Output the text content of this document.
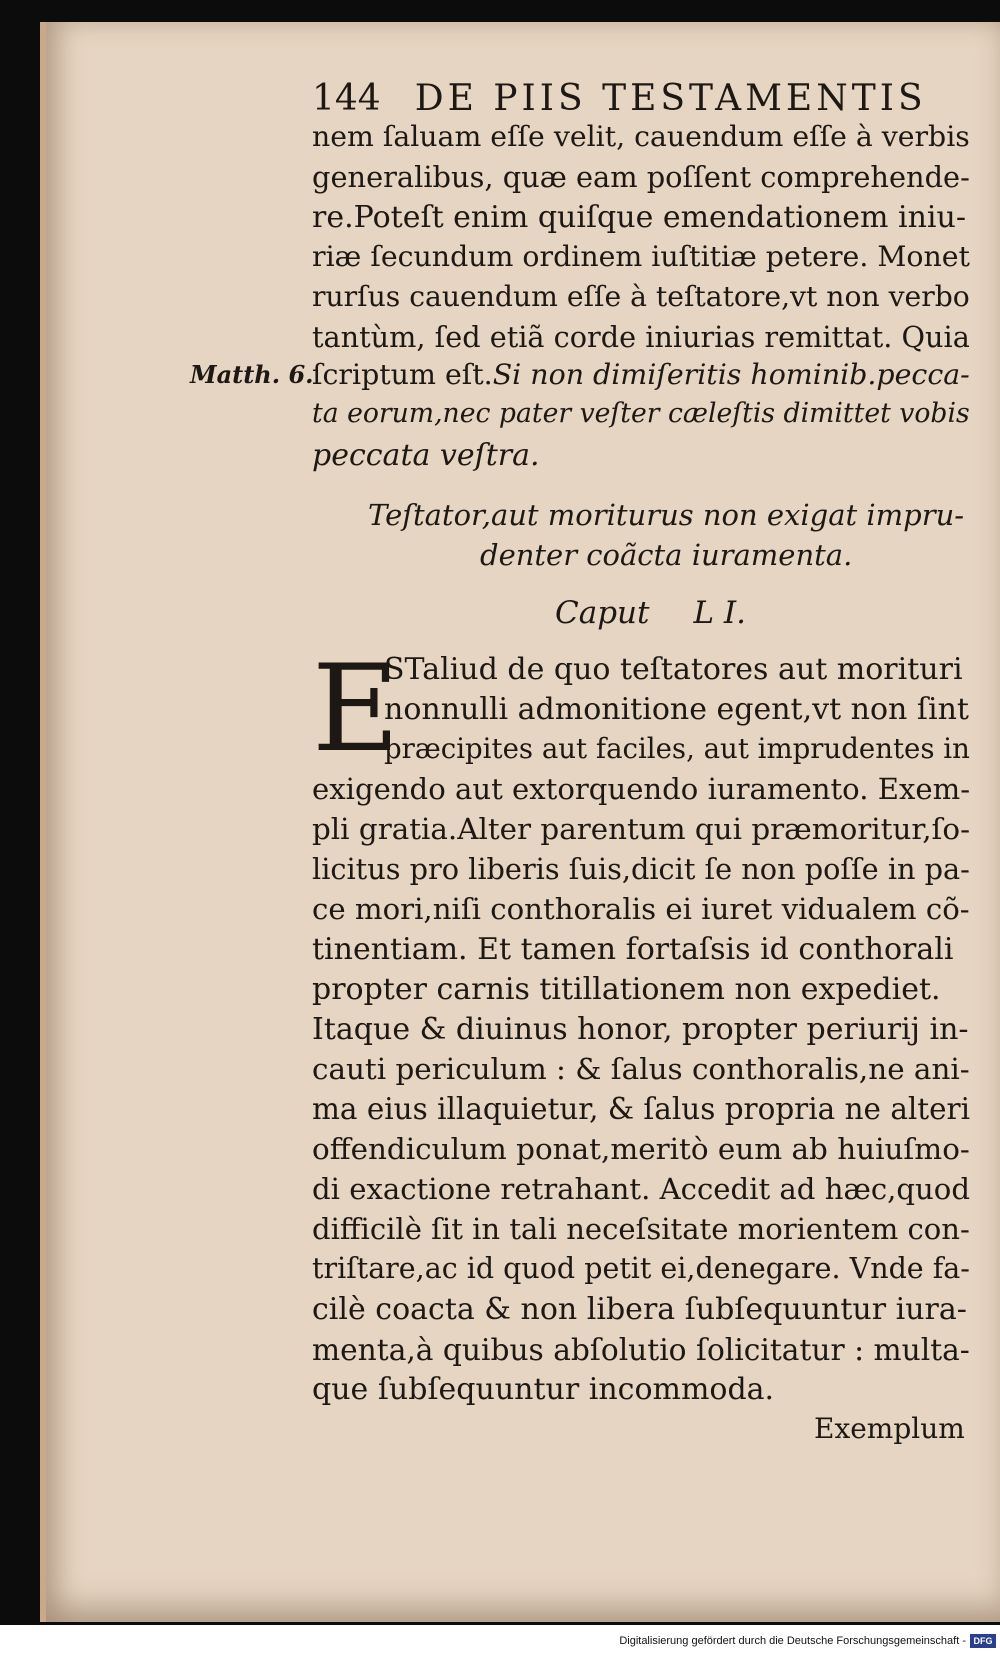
144 DE PIIS TESTAMENTIS
nem ſaluam eſſe velit, cauendum eſſe à verbis
generalibus, quæ eam poſſent comprehende-
re.Poteſt enim quiſque emendationem iniu-
riæ ſecundum ordinem iuſtitiæ petere. Monet
rurſus cauendum eſſe à teſtatore,vt non verbo
tantùm, ſed etiã corde iniurias remittat. Quia
Matth. 6.
ſcriptum eſt.Si non dimiſeritis hominib.pecca-
ta eorum,nec pater veſter cæleſtis dimittet vobis
peccata veſtra.
Teſtator,aut moriturus non exigat impru-
denter coãcta iuramenta.
Caput L I.
E
STaliud de quo teſtatores aut morituri
nonnulli admonitione egent,vt non ſint
præcipites aut faciles, aut imprudentes in
exigendo aut extorquendo iuramento. Exem-
pli gratia.Alter parentum qui præmoritur,ſo-
licitus pro liberis ſuis,dicit ſe non poſſe in pa-
ce mori,niſi conthoralis ei iuret vidualem cõ-
tinentiam. Et tamen fortaſsis id conthorali
propter carnis titillationem non expediet.
Itaque & diuinus honor, propter periurij in-
cauti periculum : & ſalus conthoralis,ne ani-
ma eius illaquietur, & ſalus propria ne alteri
offendiculum ponat,meritò eum ab huiuſmo-
di exactione retrahant. Accedit ad hæc,quod
difficilè ſit in tali neceſsitate morientem con-
triſtare,ac id quod petit ei,denegare. Vnde fa-
cilè coacta & non libera ſubſequuntur iura-
menta,à quibus abſolutio ſolicitatur : multa-
que ſubſequuntur incommoda.
Exemplum
Digitalisierung gefördert durch die Deutsche Forschungsgemeinschaft - DFG
